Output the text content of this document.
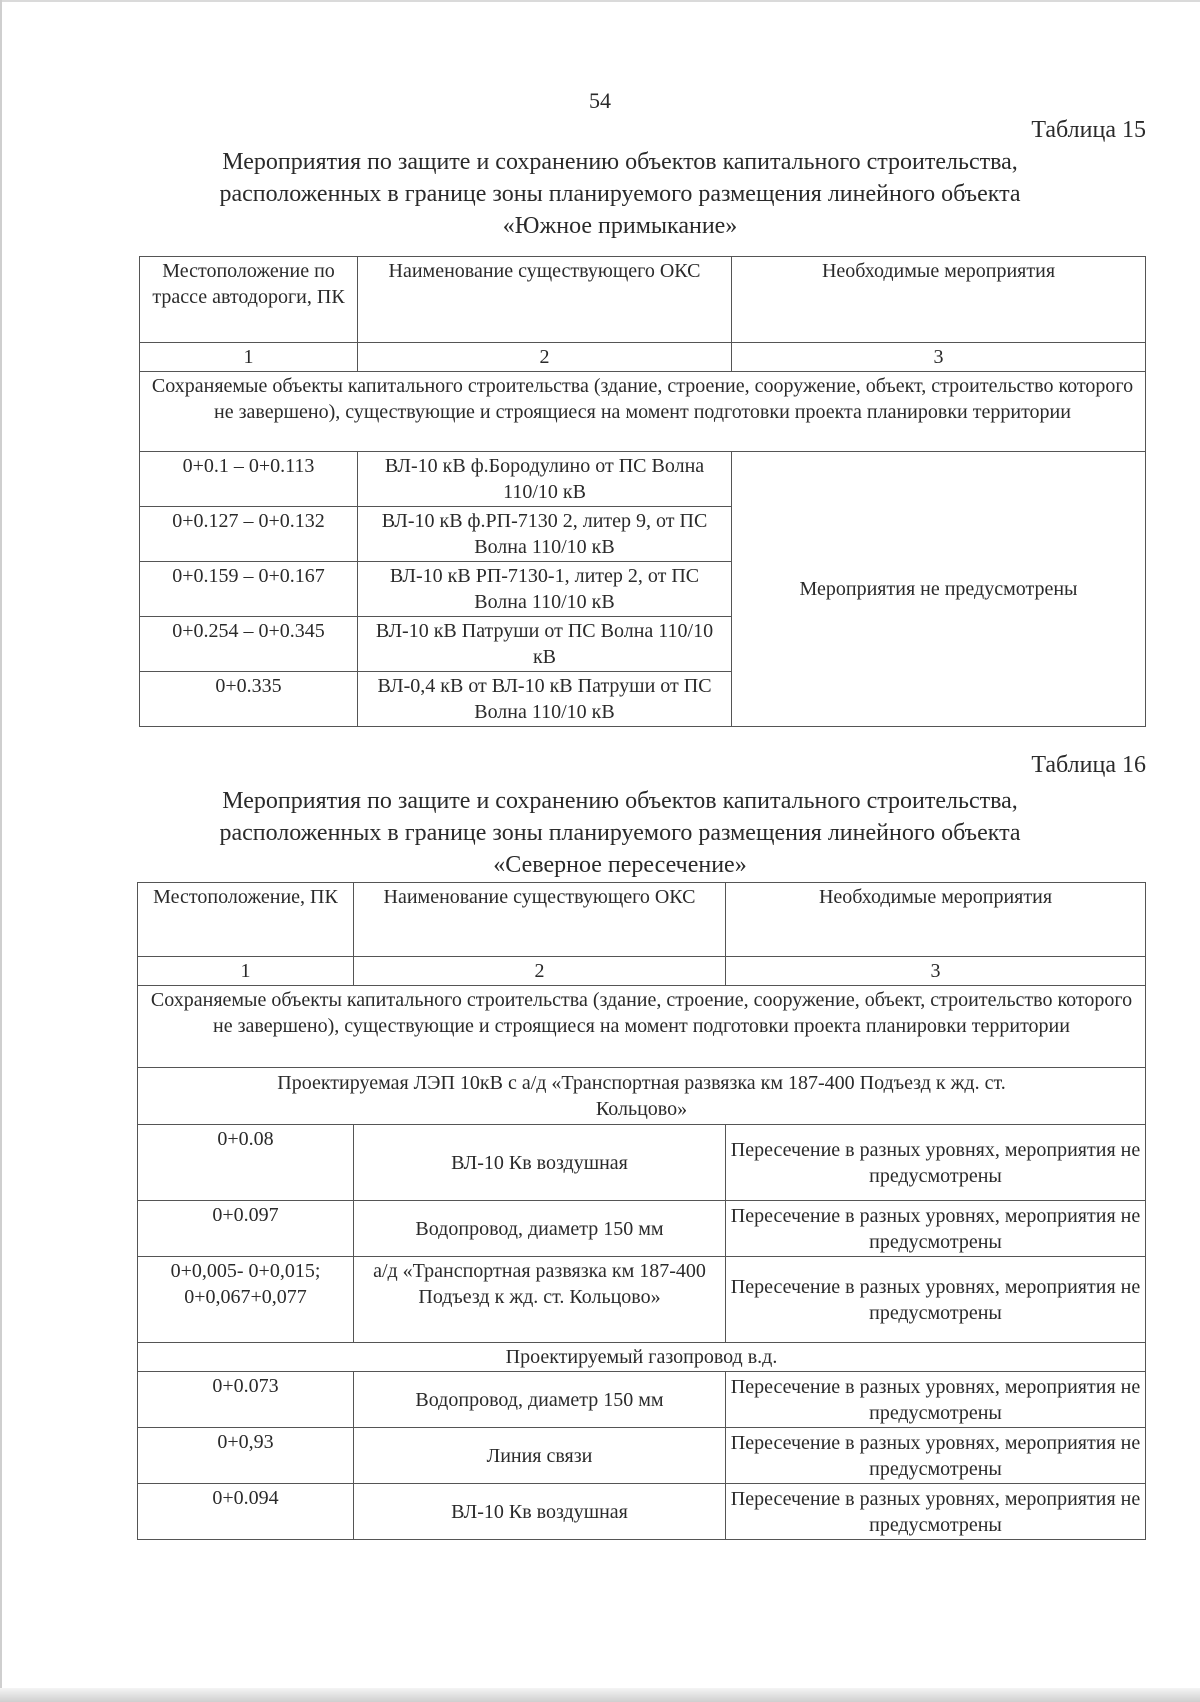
54
Таблица 15
Мероприятия по защите и сохранению объектов капитального строительства,
расположенных в границе зоны планируемого размещения линейного объекта
«Южное примыкание»
Местоположение по трассе автодороги, ПК	Наименование существующего ОКС	Необходимые мероприятия
1	2	3
Сохраняемые объекты капитального строительства (здание, строение, сооружение, объект, строительство которого не завершено), существующие и строящиеся на момент подготовки проекта планировки территории		
0+0.1 – 0+0.113	ВЛ-10 кВ ф.Бородулино от ПС Волна 110/10 кВ	Мероприятия не предусмотрены
0+0.127 – 0+0.132	ВЛ-10 кВ ф.РП-7130 2, литер 9, от ПС Волна 110/10 кВ	
0+0.159 – 0+0.167	ВЛ-10 кВ РП-7130-1, литер 2, от ПС Волна 110/10 кВ	
0+0.254 – 0+0.345	ВЛ-10 кВ Патруши от ПС Волна 110/10 кВ	
0+0.335	ВЛ-0,4 кВ от ВЛ-10 кВ Патруши от ПС Волна 110/10 кВ	
Таблица 16
Мероприятия по защите и сохранению объектов капитального строительства,
расположенных в границе зоны планируемого размещения линейного объекта
«Северное пересечение»
Местоположение, ПК	Наименование существующего ОКС	Необходимые мероприятия
1	2	3
Сохраняемые объекты капитального строительства (здание, строение, сооружение, объект, строительство которого не завершено), существующие и строящиеся на момент подготовки проекта планировки территории		
Проектируемая ЛЭП 10кВ с а/д «Транспортная развязка км 187-400 Подъезд к жд. ст. Кольцово»		
0+0.08	ВЛ-10 Кв воздушная	Пересечение в разных уровнях, мероприятия не предусмотрены
0+0.097	Водопровод, диаметр 150 мм	Пересечение в разных уровнях, мероприятия не предусмотрены
0+0,005- 0+0,015; 0+0,067+0,077	а/д «Транспортная развязка км 187-400 Подъезд к жд. ст. Кольцово»	Пересечение в разных уровнях, мероприятия не предусмотрены
Проектируемый газопровод в.д.		
0+0.073	Водопровод, диаметр 150 мм	Пересечение в разных уровнях, мероприятия не предусмотрены
0+0,93	Линия связи	Пересечение в разных уровнях, мероприятия не предусмотрены
0+0.094	ВЛ-10 Кв воздушная	Пересечение в разных уровнях, мероприятия не предусмотрены
